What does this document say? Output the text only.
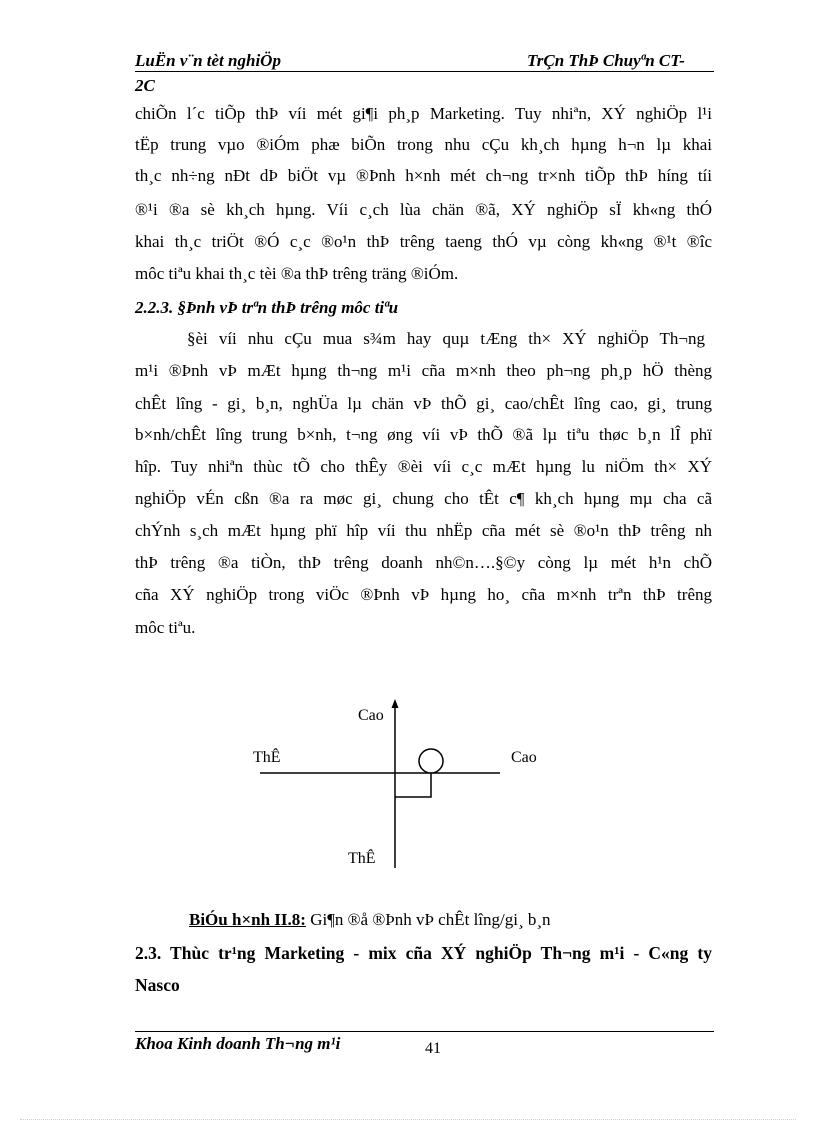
LuËn v¨n tèt nghiÖp	TrÇn ThÞ Chuyªn CT-
2C
chiÕn l´c tiÕp thÞ víi mét gi¶i ph¸p Marketing. Tuy nhiªn, XÝ nghiÖp l¹i
tËp trung vµo ®iÓm phæ biÕn trong nhu cÇu kh¸ch hµng h¬n lµ khai
th¸c nh÷ng nÐt dÞ biÖt vµ ®Þnh h×nh mét ch¬ng tr×nh tiÕp thÞ híng tíi
®¹i ®a sè kh¸ch hµng. Víi c¸ch lùa chän ®ã, XÝ nghiÖp sÏ kh«ng thÓ
khai th¸c triÖt ®Ó c¸c ®o¹n thÞ trêng taeng thÓ vµ còng kh«ng ®¹t ®îc
môc tiªu khai th¸c tèi ®a thÞ trêng träng ®iÓm.
2.2.3. §Þnh vÞ trªn thÞ trêng môc tiªu
§èi víi nhu cÇu mua s¾m hay quµ tÆng th× XÝ nghiÖp Th¬ng
m¹i ®Þnh vÞ mÆt hµng th¬ng m¹i cña m×nh theo ph¬ng ph¸p hÖ thèng
chÊt lîng - gi¸ b¸n, nghÜa lµ chän vÞ thÕ gi¸ cao/chÊt lîng cao, gi¸ trung
b×nh/chÊt lîng trung b×nh, t¬ng øng víi vÞ thÕ ®ã lµ tiªu thøc b¸n lÎ phï
hîp. Tuy nhiªn thùc tÕ cho thÊy ®èi víi c¸c mÆt hµng lu niÖm th× XÝ
nghiÖp vÉn cßn ®a ra møc gi¸ chung cho tÊt c¶ kh¸ch hµng mµ cha cã
chÝnh s¸ch mÆt hµng phï hîp víi thu nhËp cña mét sè ®o¹n thÞ trêng nh
thÞ trêng ®a tiÒn, thÞ trêng doanh nh©n….§©y còng lµ mét h¹n chÕ
cña XÝ nghiÖp trong viÖc ®Þnh vÞ hµng ho¸ cña m×nh trªn thÞ trêng
môc tiªu.
Cao
ThÊ	Cao
ThÊ
BiÓu h×nh II.8: Gi¶n ®å ®Þnh vÞ chÊt lîng/gi¸ b¸n
2.3. Thùc tr¹ng Marketing - mix cña XÝ nghiÖp Th¬ng m¹i - C«ng ty
Nasco
Khoa Kinh doanh Th¬ng m¹i	41
